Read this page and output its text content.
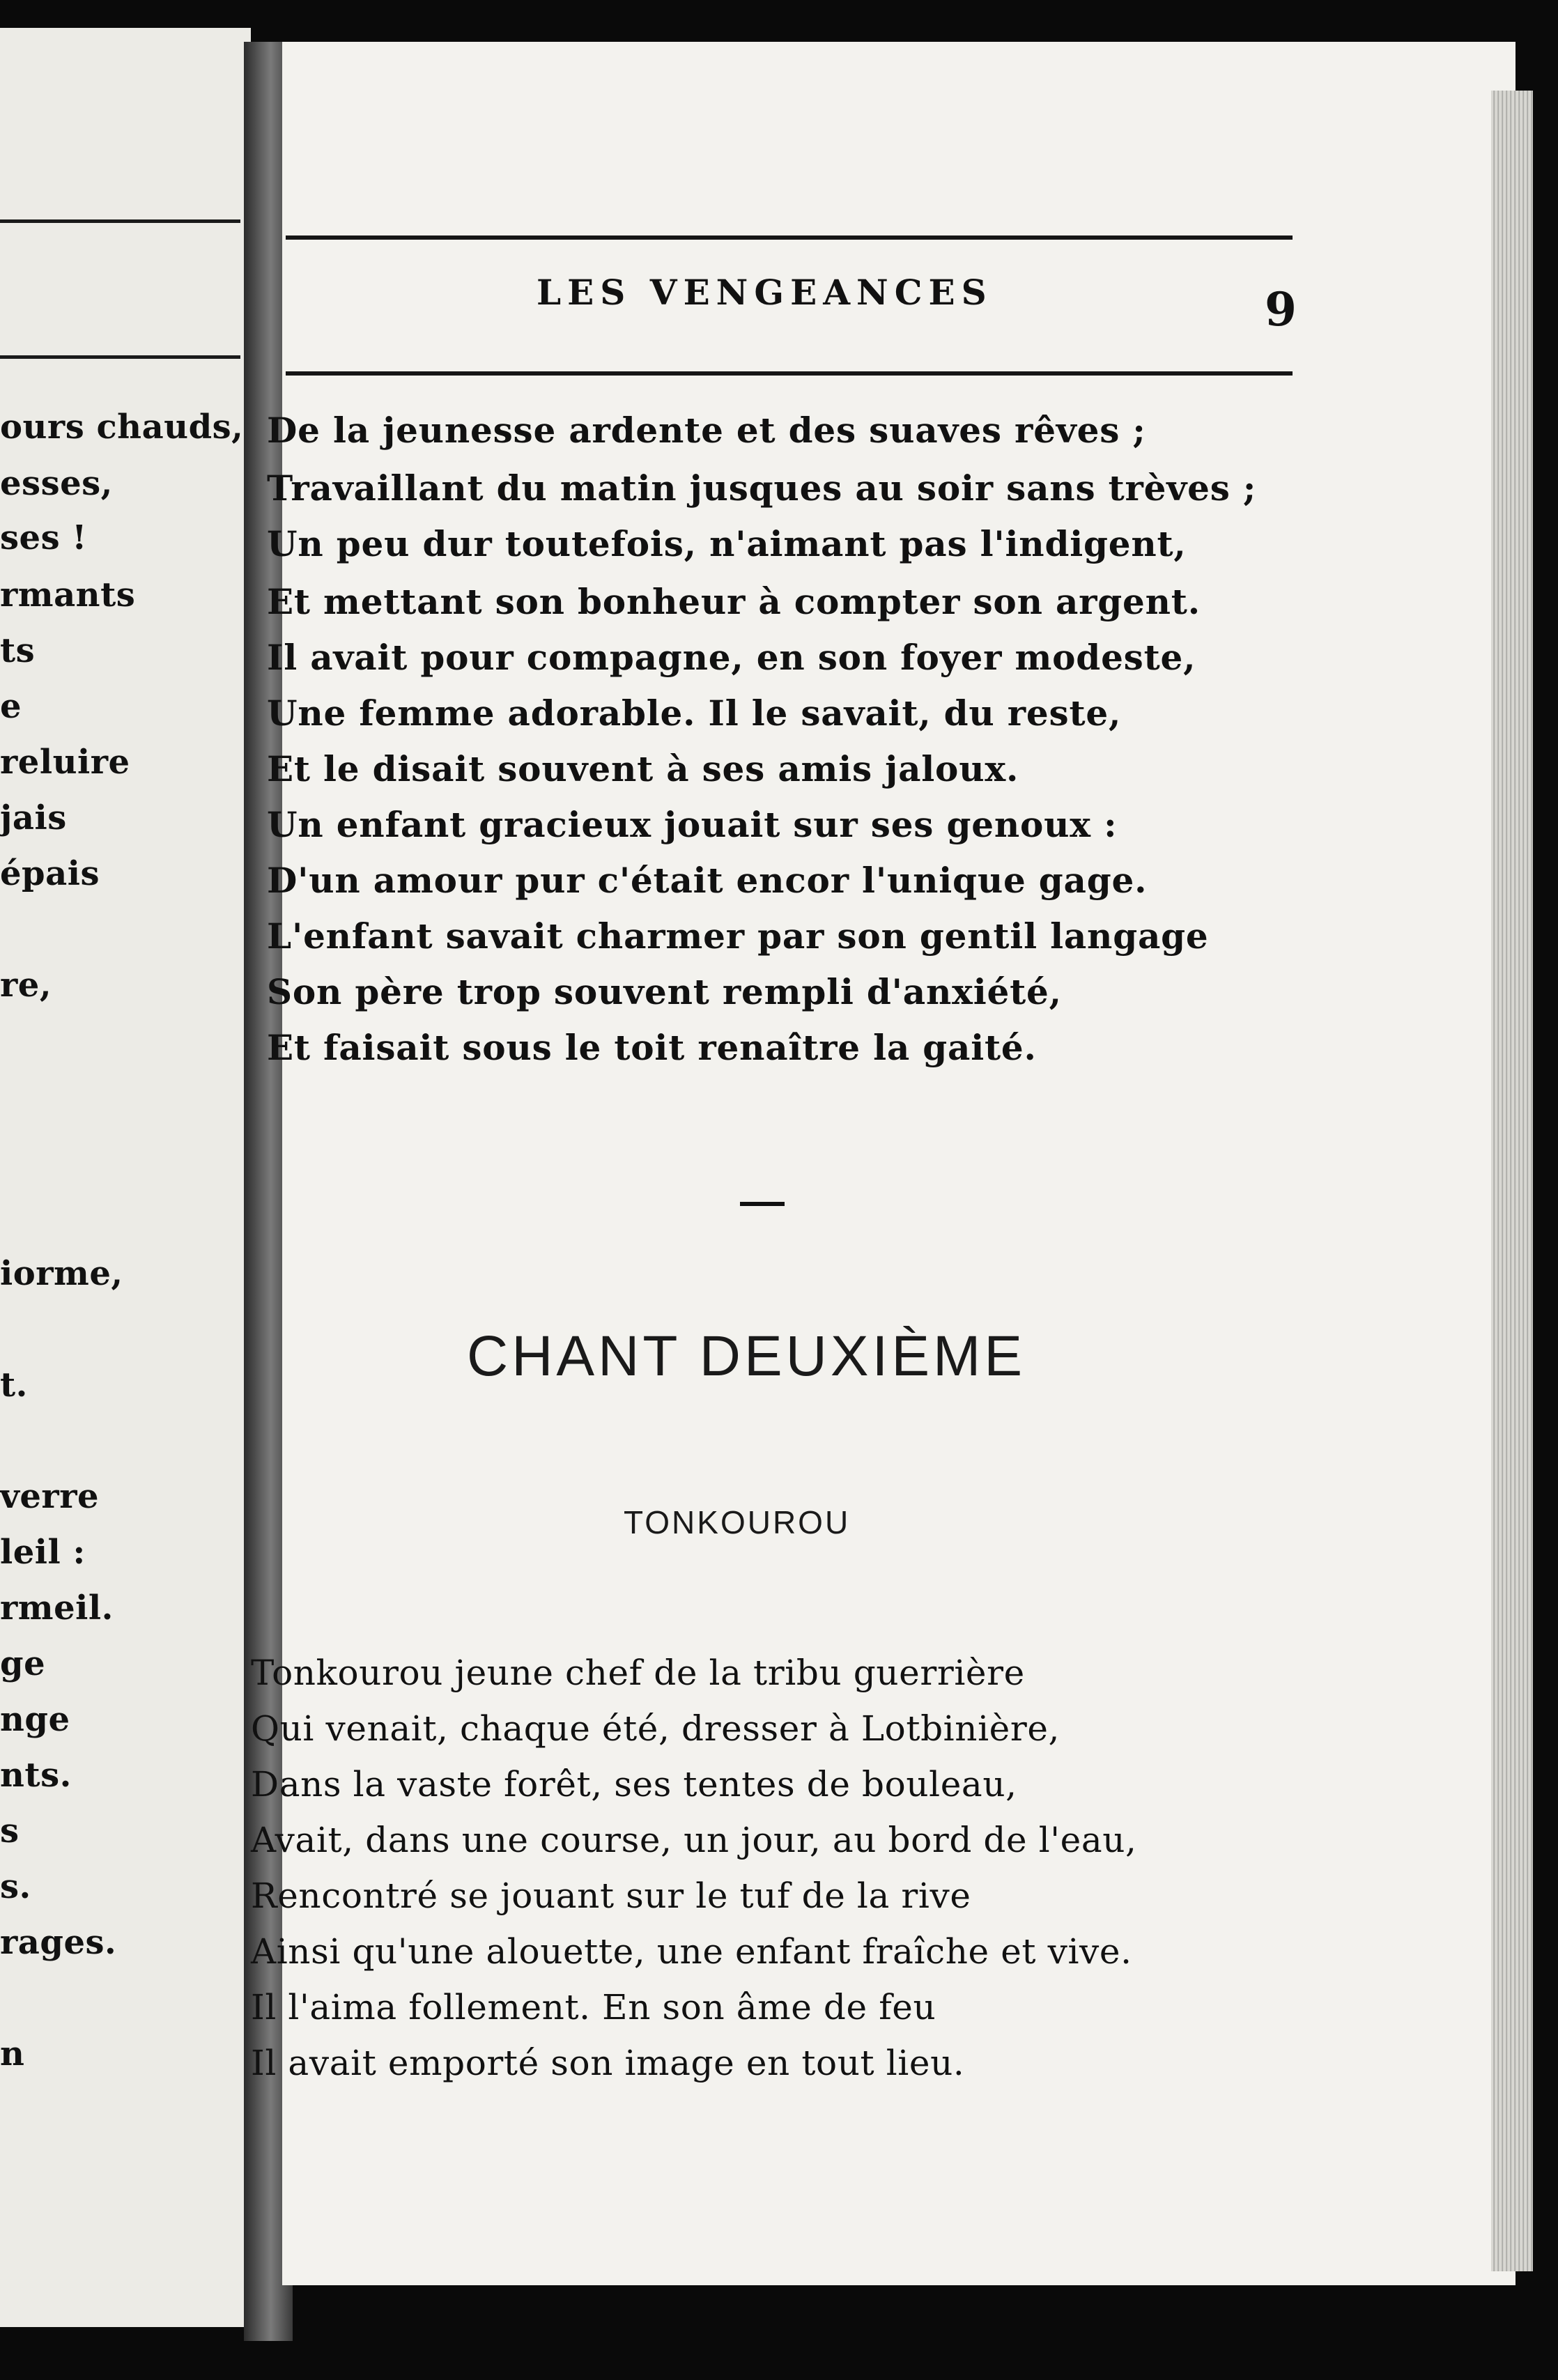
ours chauds,
esses,
ses !
rmants
ts
e
reluire
jais
épais
re,
iorme,
t.
verre
leil :
rmeil.
ge
nge
nts.
s
s.
rages.
n
LES VENGEANCES	9
De la jeunesse ardente et des suaves rêves ;
Travaillant du matin jusques au soir sans trèves ;
Un peu dur toutefois, n'aimant pas l'indigent,
Et mettant son bonheur à compter son argent.
Il avait pour compagne, en son foyer modeste,
Une femme adorable. Il le savait, du reste,
Et le disait souvent à ses amis jaloux.
Un enfant gracieux jouait sur ses genoux :
D'un amour pur c'était encor l'unique gage.
L'enfant savait charmer par son gentil langage
Son père trop souvent rempli d'anxiété,
Et faisait sous le toit renaître la gaité.
CHANT DEUXIÈME
TONKOUROU
Tonkourou jeune chef de la tribu guerrière
Qui venait, chaque été, dresser à Lotbinière,
Dans la vaste forêt, ses tentes de bouleau,
Avait, dans une course, un jour, au bord de l'eau,
Rencontré se jouant sur le tuf de la rive
Ainsi qu'une alouette, une enfant fraîche et vive.
Il l'aima follement. En son âme de feu
Il avait emporté son image en tout lieu.
